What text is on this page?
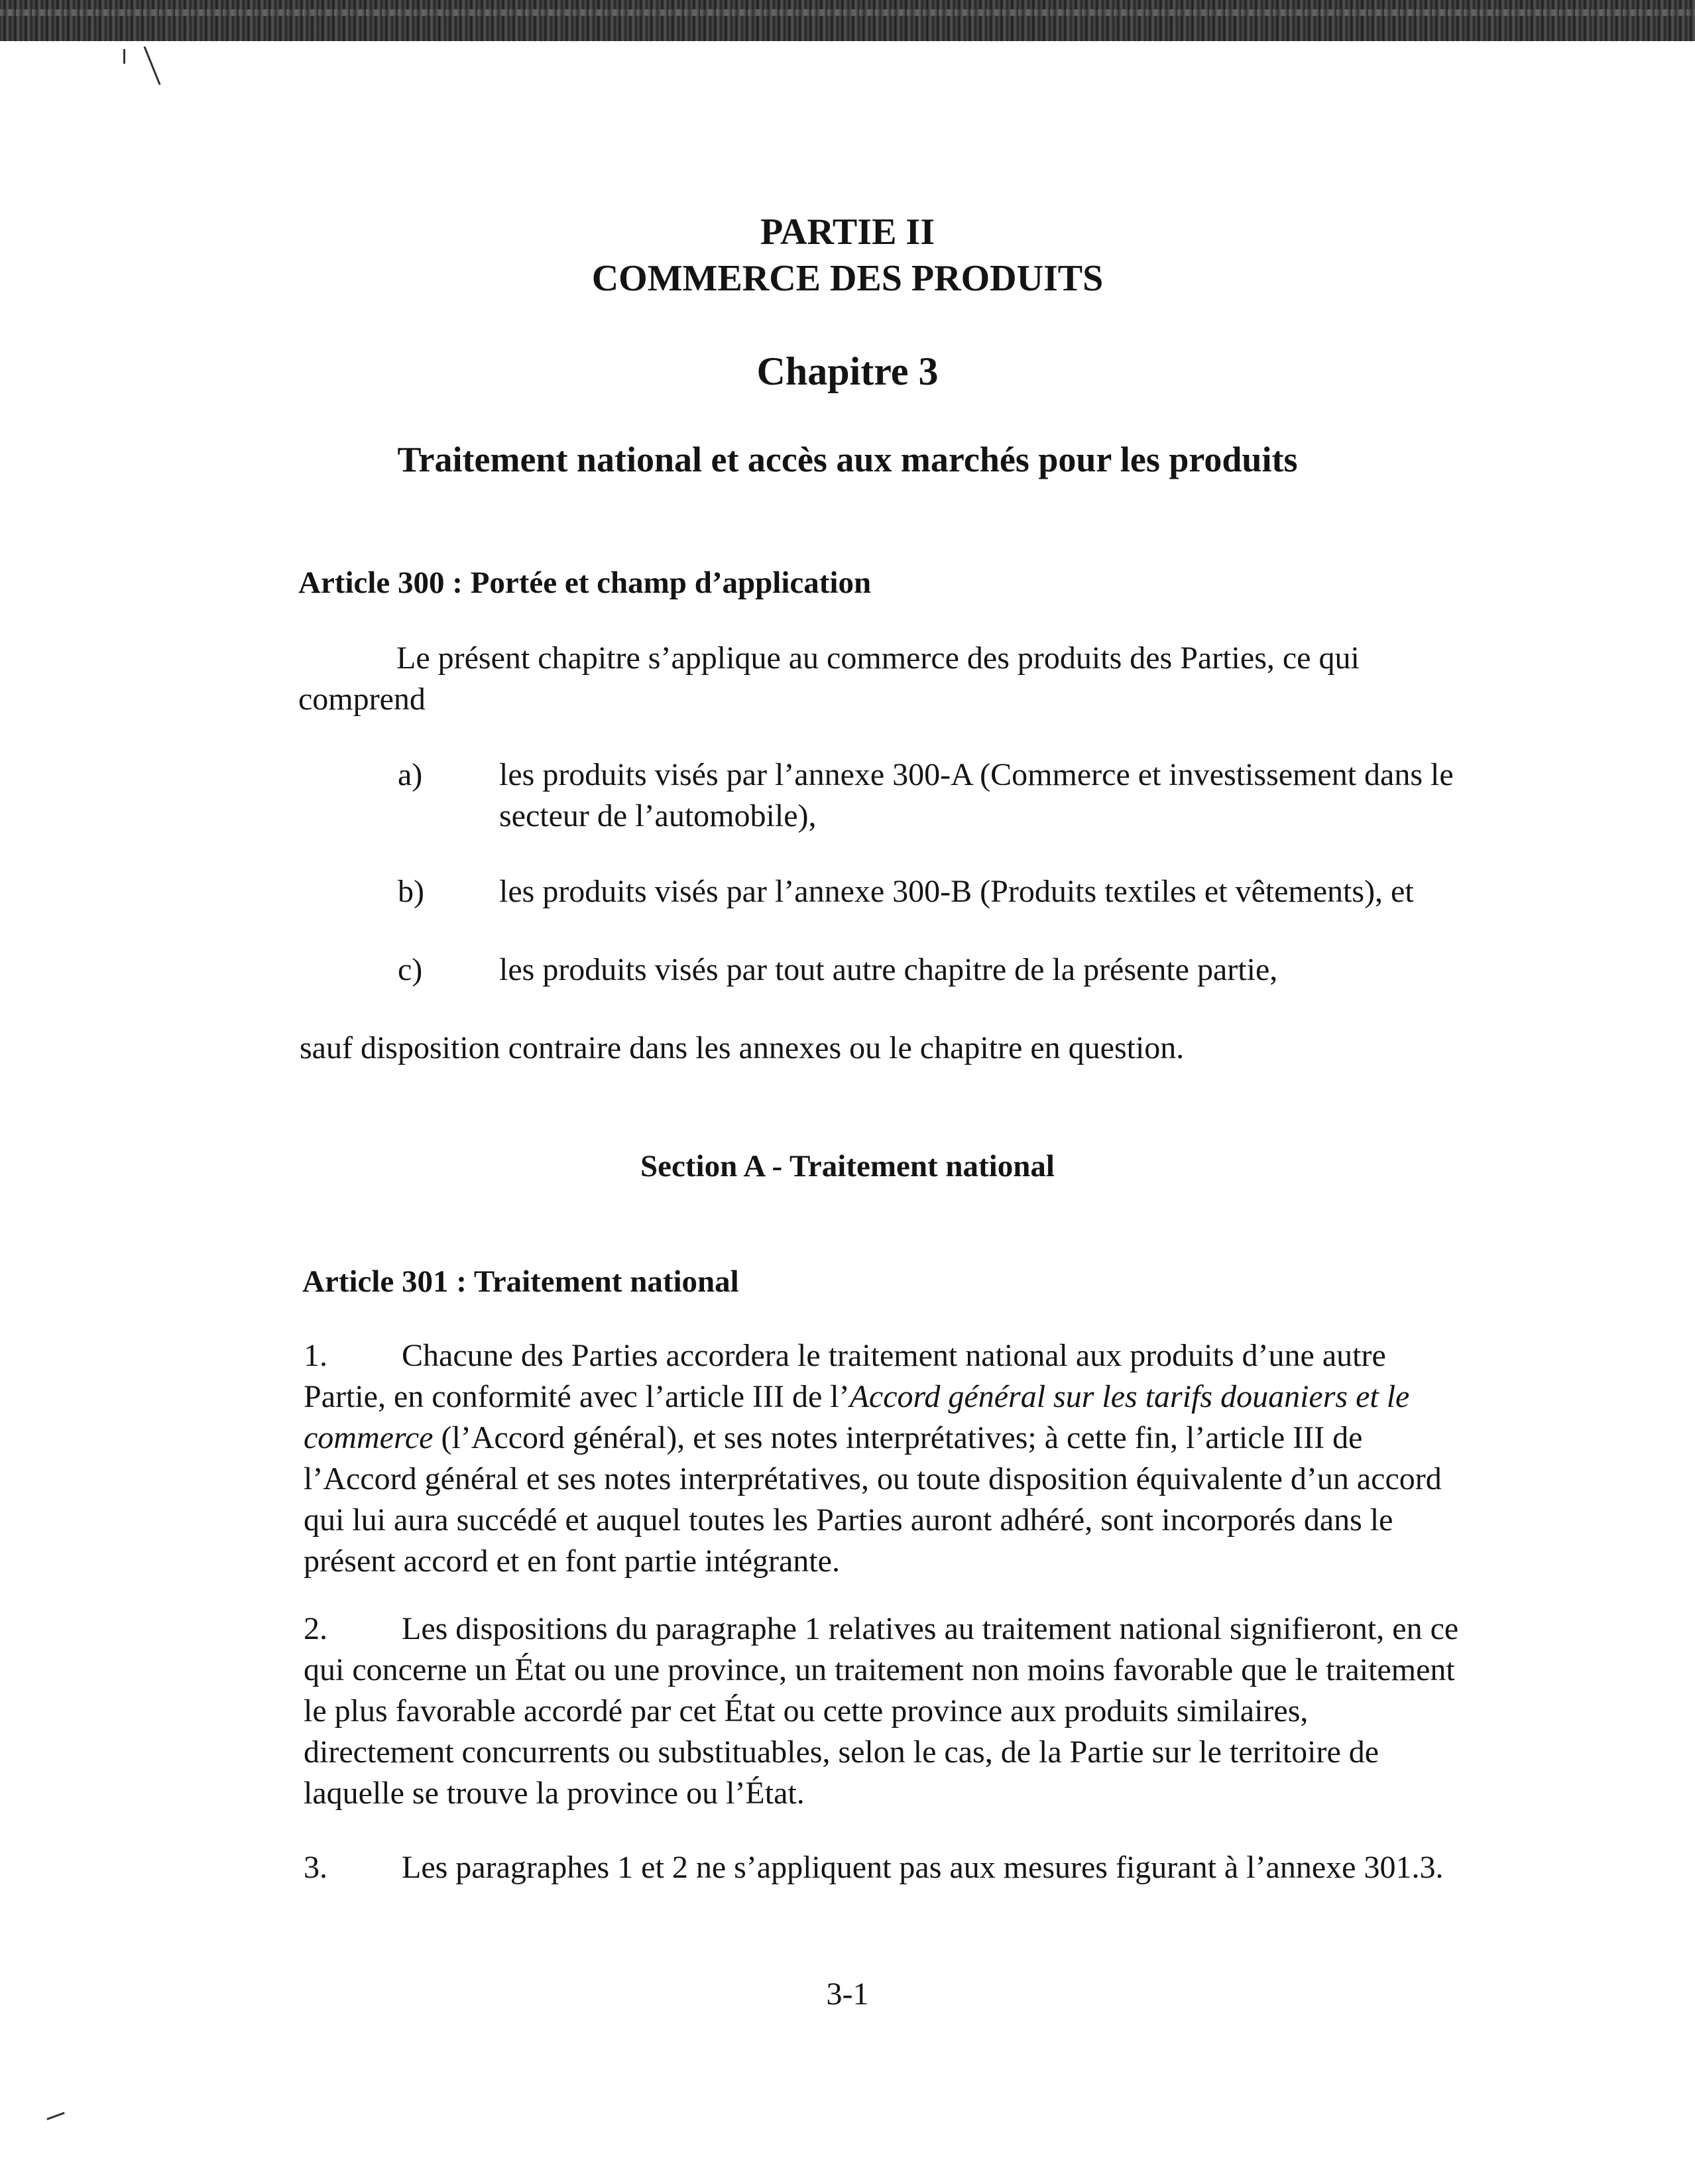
PARTIE II
COMMERCE DES PRODUITS
Chapitre 3
Traitement national et accès aux marchés pour les produits
Article 300 : Portée et champ d’application
Le présent chapitre s’applique au commerce des produits des Parties, ce qui
comprend
a) les produits visés par l’annexe 300-A (Commerce et investissement dans le
secteur de l’automobile),
b) les produits visés par l’annexe 300-B (Produits textiles et vêtements), et
c) les produits visés par tout autre chapitre de la présente partie,
sauf disposition contraire dans les annexes ou le chapitre en question.
Section A - Traitement national
Article 301 : Traitement national
1.	Chacune des Parties accordera le traitement national aux produits d’une autre
Partie, en conformité avec l’article III de l’Accord général sur les tarifs douaniers et le
commerce (l’Accord général), et ses notes interprétatives; à cette fin, l’article III de
l’Accord général et ses notes interprétatives, ou toute disposition équivalente d’un accord
qui lui aura succédé et auquel toutes les Parties auront adhéré, sont incorporés dans le
présent accord et en font partie intégrante.
2.	Les dispositions du paragraphe 1 relatives au traitement national signifieront, en ce
qui concerne un État ou une province, un traitement non moins favorable que le traitement
le plus favorable accordé par cet État ou cette province aux produits similaires,
directement concurrents ou substituables, selon le cas, de la Partie sur le territoire de
laquelle se trouve la province ou l’État.
3.	Les paragraphes 1 et 2 ne s’appliquent pas aux mesures figurant à l’annexe 301.3.
3-1
